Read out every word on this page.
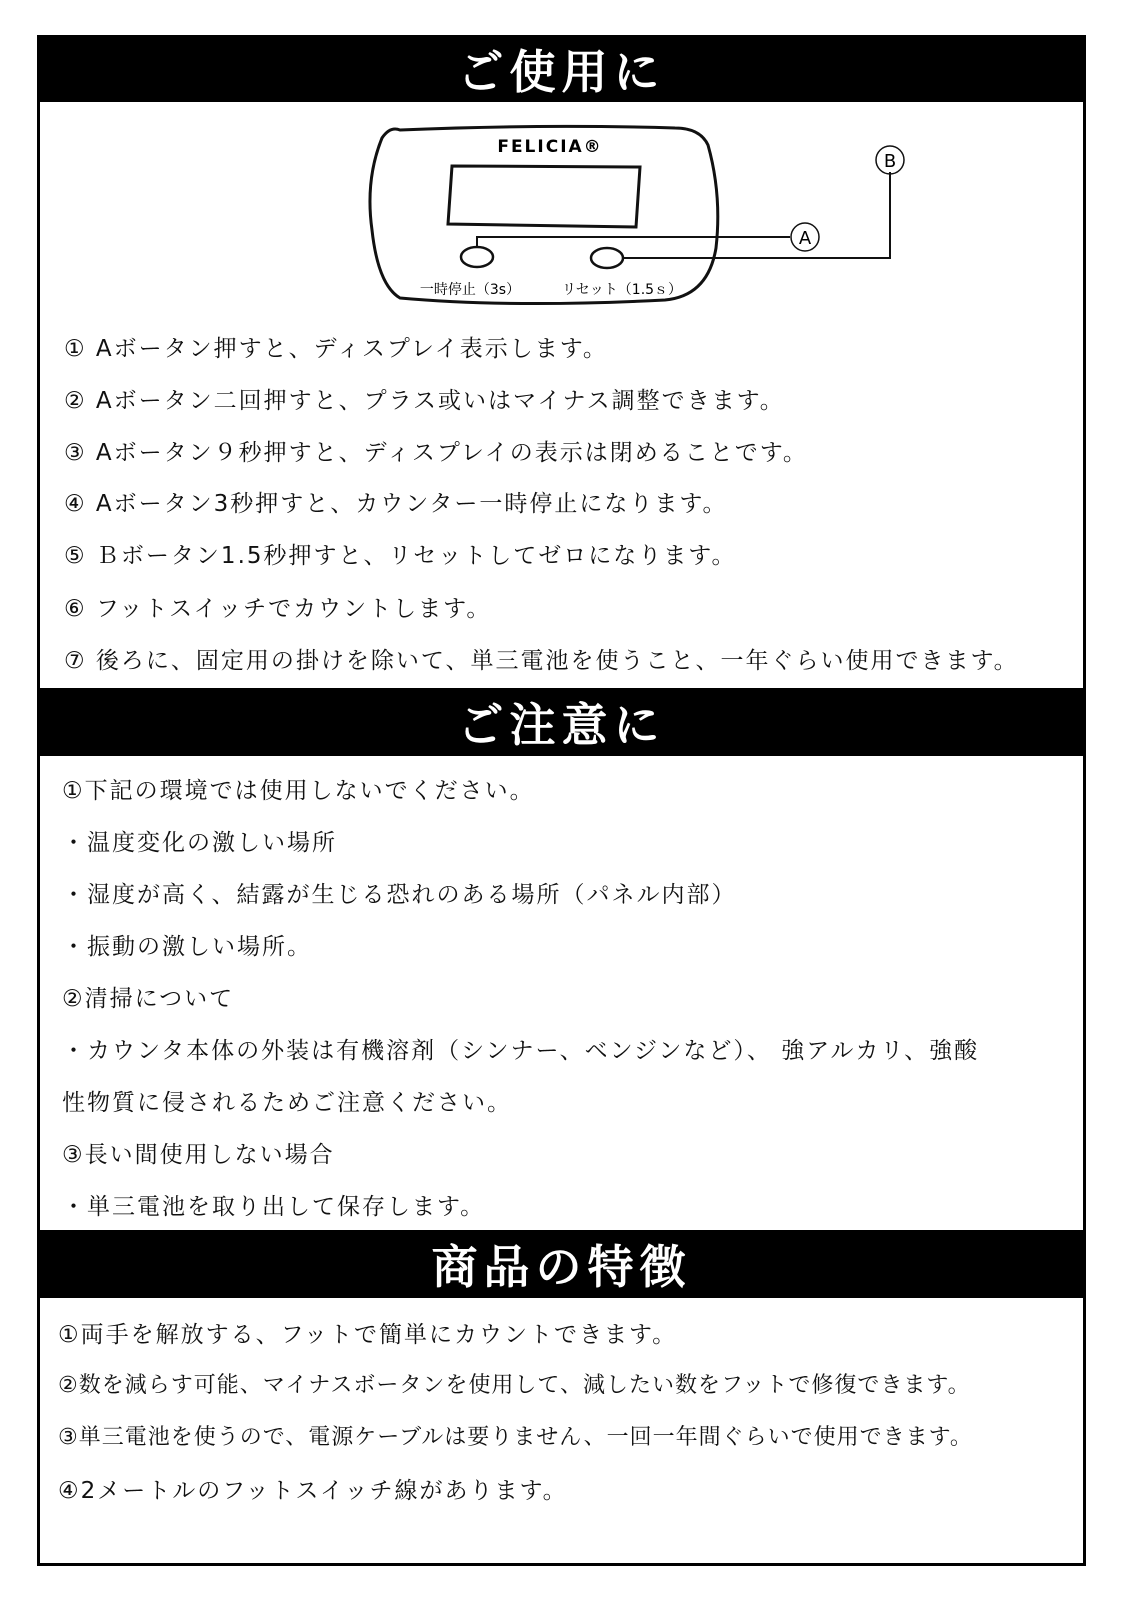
ご使用に
FELICIA®
A
B
一時停止（3s）	リセット（1.5ｓ）
① Aボータン押すと、ディスプレイ表示します。
② Aボータン二回押すと、プラス或いはマイナス調整できます。
③ Aボータン９秒押すと、ディスプレイの表示は閉めることです。
④ Aボータン3秒押すと、カウンター一時停止になります。
⑤ Ｂボータン1.5秒押すと、リセットしてゼロになります。
⑥ フットスイッチでカウントします。
⑦ 後ろに、固定用の掛けを除いて、単三電池を使うこと、一年ぐらい使用できます。
ご注意に
①下記の環境では使用しないでください。
・温度変化の激しい場所
・湿度が高く、結露が生じる恐れのある場所（パネル内部）
・振動の激しい場所。
②清掃について
・カウンタ本体の外装は有機溶剤（シンナー、ベンジンなど）、 強アルカリ、強酸
性物質に侵されるためご注意ください。
③長い間使用しない場合
・単三電池を取り出して保存します。
商品の特徴
①両手を解放する、フットで簡単にカウントできます。
②数を減らす可能、マイナスボータンを使用して、減したい数をフットで修復できます。
③単三電池を使うので、電源ケーブルは要りません、一回一年間ぐらいで使用できます。
④2メートルのフットスイッチ線があります。
